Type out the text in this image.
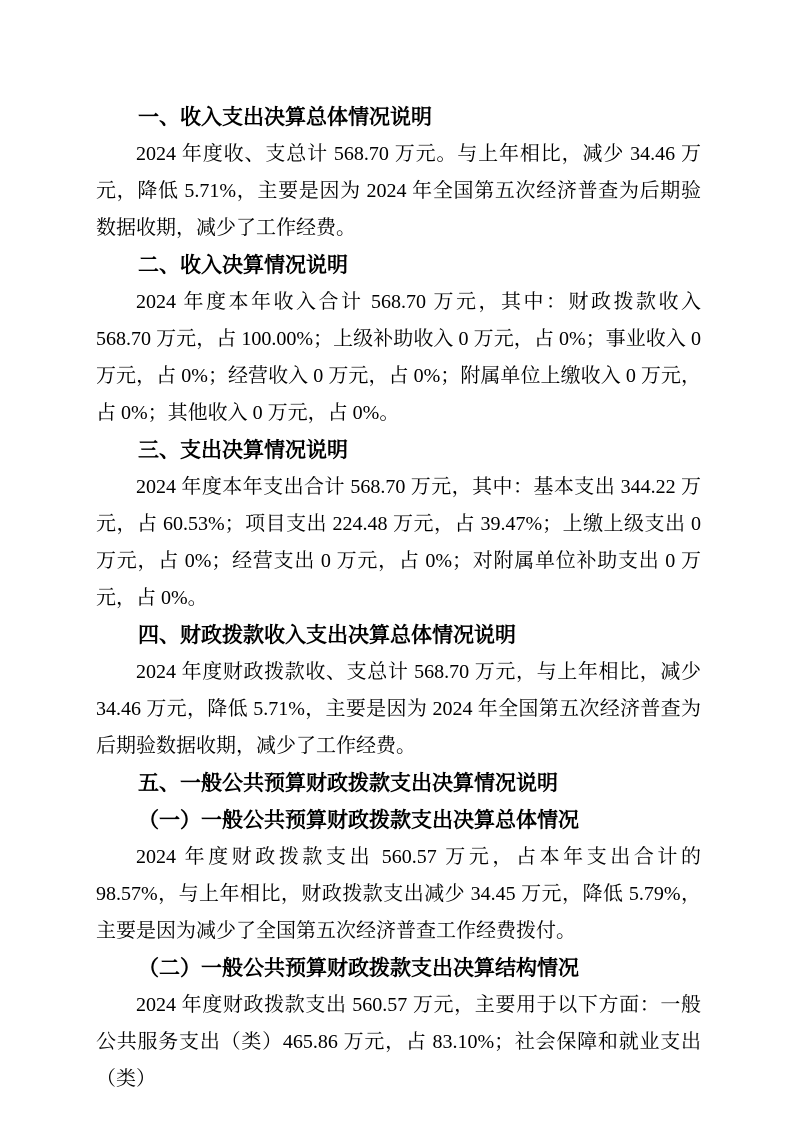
一、收入支出决算总体情况说明

2024 年度收、支总计 568.70 万元。与上年相比，减少 34.46 万元，降低 5.71%，主要是因为 2024 年全国第五次经济普查为后期验数据收期，减少了工作经费。

二、收入决算情况说明

2024 年度本年收入合计 568.70 万元，其中：财政拨款收入 568.70 万元，占 100.00%；上级补助收入 0 万元，占 0%；事业收入 0 万元，占 0%；经营收入 0 万元，占 0%；附属单位上缴收入 0 万元，占 0%；其他收入 0 万元，占 0%。

三、支出决算情况说明

2024 年度本年支出合计 568.70 万元，其中：基本支出 344.22 万元，占 60.53%；项目支出 224.48 万元，占 39.47%；上缴上级支出 0 万元，占 0%；经营支出 0 万元，占 0%；对附属单位补助支出 0 万元，占 0%。

四、财政拨款收入支出决算总体情况说明

2024 年度财政拨款收、支总计 568.70 万元，与上年相比，减少 34.46 万元，降低 5.71%，主要是因为 2024 年全国第五次经济普查为后期验数据收期，减少了工作经费。

五、一般公共预算财政拨款支出决算情况说明
（一）一般公共预算财政拨款支出决算总体情况

2024 年度财政拨款支出 560.57 万元，占本年支出合计的 98.57%，与上年相比，财政拨款支出减少 34.45 万元，降低 5.79%，主要是因为减少了全国第五次经济普查工作经费拨付。

（二）一般公共预算财政拨款支出决算结构情况

2024 年度财政拨款支出 560.57 万元，主要用于以下方面：一般公共服务支出（类）465.86 万元，占 83.10%；社会保障和就业支出（类）
